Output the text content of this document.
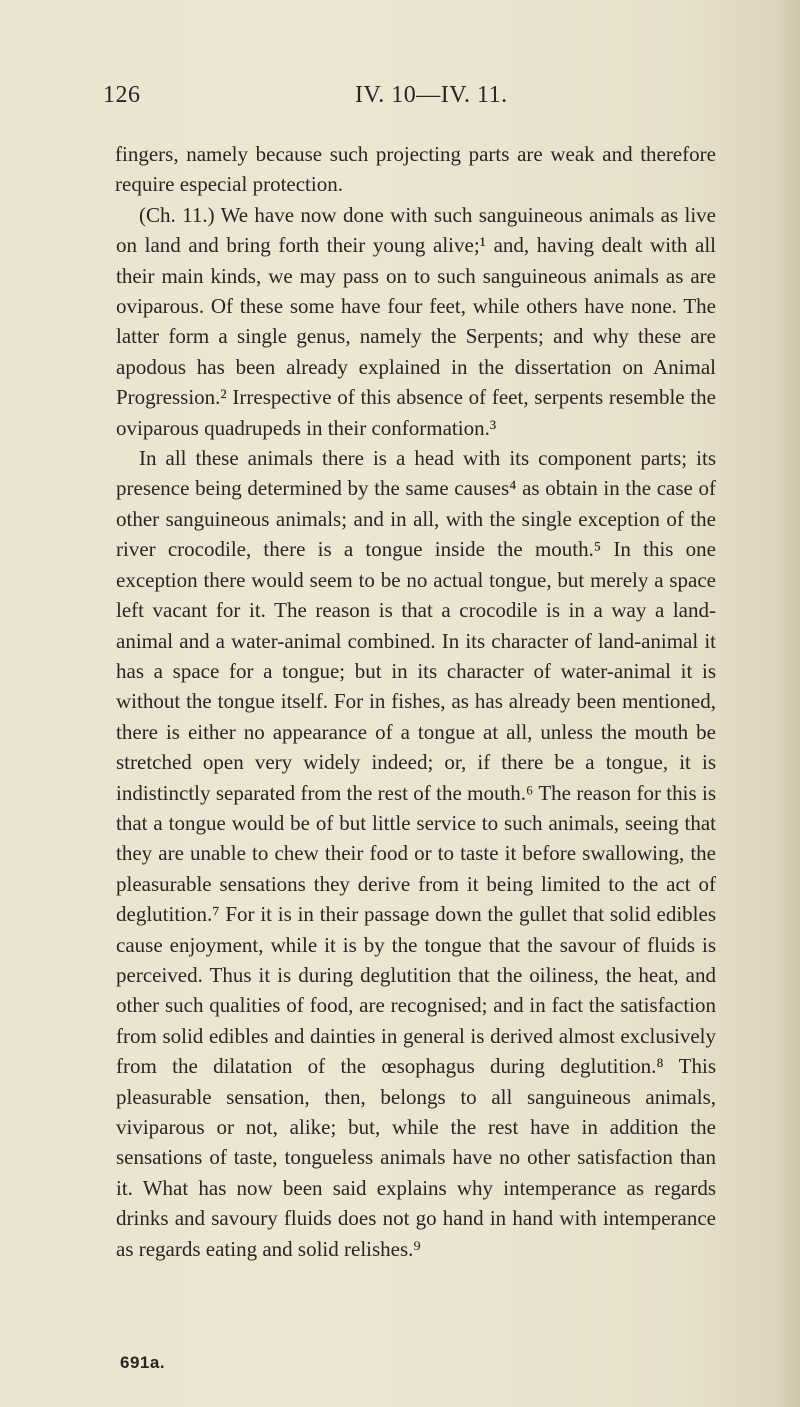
126	IV. 10—IV. 11.

fingers, namely because such projecting parts are weak and therefore require especial protection.

(Ch. 11.) We have now done with such sanguineous animals as live on land and bring forth their young alive;¹ and, having dealt with all their main kinds, we may pass on to such sanguineous animals as are oviparous. Of these some have four feet, while others have none. The latter form a single genus, namely the Serpents; and why these are apodous has been already explained in the dissertation on Animal Progression.² Irrespective of this absence of feet, serpents resemble the oviparous quadrupeds in their conformation.³

In all these animals there is a head with its component parts; its presence being determined by the same causes⁴ as obtain in the case of other sanguineous animals; and in all, with the single exception of the river crocodile, there is a tongue inside the mouth.⁵ In this one exception there would seem to be no actual tongue, but merely a space left vacant for it. The reason is that a crocodile is in a way a land-animal and a water-animal combined. In its character of land-animal it has a space for a tongue; but in its character of water-animal it is without the tongue itself. For in fishes, as has already been mentioned, there is either no appearance of a tongue at all, unless the mouth be stretched open very widely indeed; or, if there be a tongue, it is indistinctly separated from the rest of the mouth.⁶ The reason for this is that a tongue would be of but little service to such animals, seeing that they are unable to chew their food or to taste it before swallowing, the pleasurable sensations they derive from it being limited to the act of deglutition.⁷ For it is in their passage down the gullet that solid edibles cause enjoyment, while it is by the tongue that the savour of fluids is perceived. Thus it is during deglutition that the oiliness, the heat, and other such qualities of food, are recognised; and in fact the satisfaction from solid edibles and dainties in general is derived almost exclusively from the dilatation of the œsophagus during deglutition.⁸ This pleasurable sensation, then, belongs to all sanguineous animals, viviparous or not, alike; but, while the rest have in addition the sensations of taste, tongueless animals have no other satisfaction than it. What has now been said explains why intemperance as regards drinks and savoury fluids does not go hand in hand with intemperance as regards eating and solid relishes.⁹

691a.
